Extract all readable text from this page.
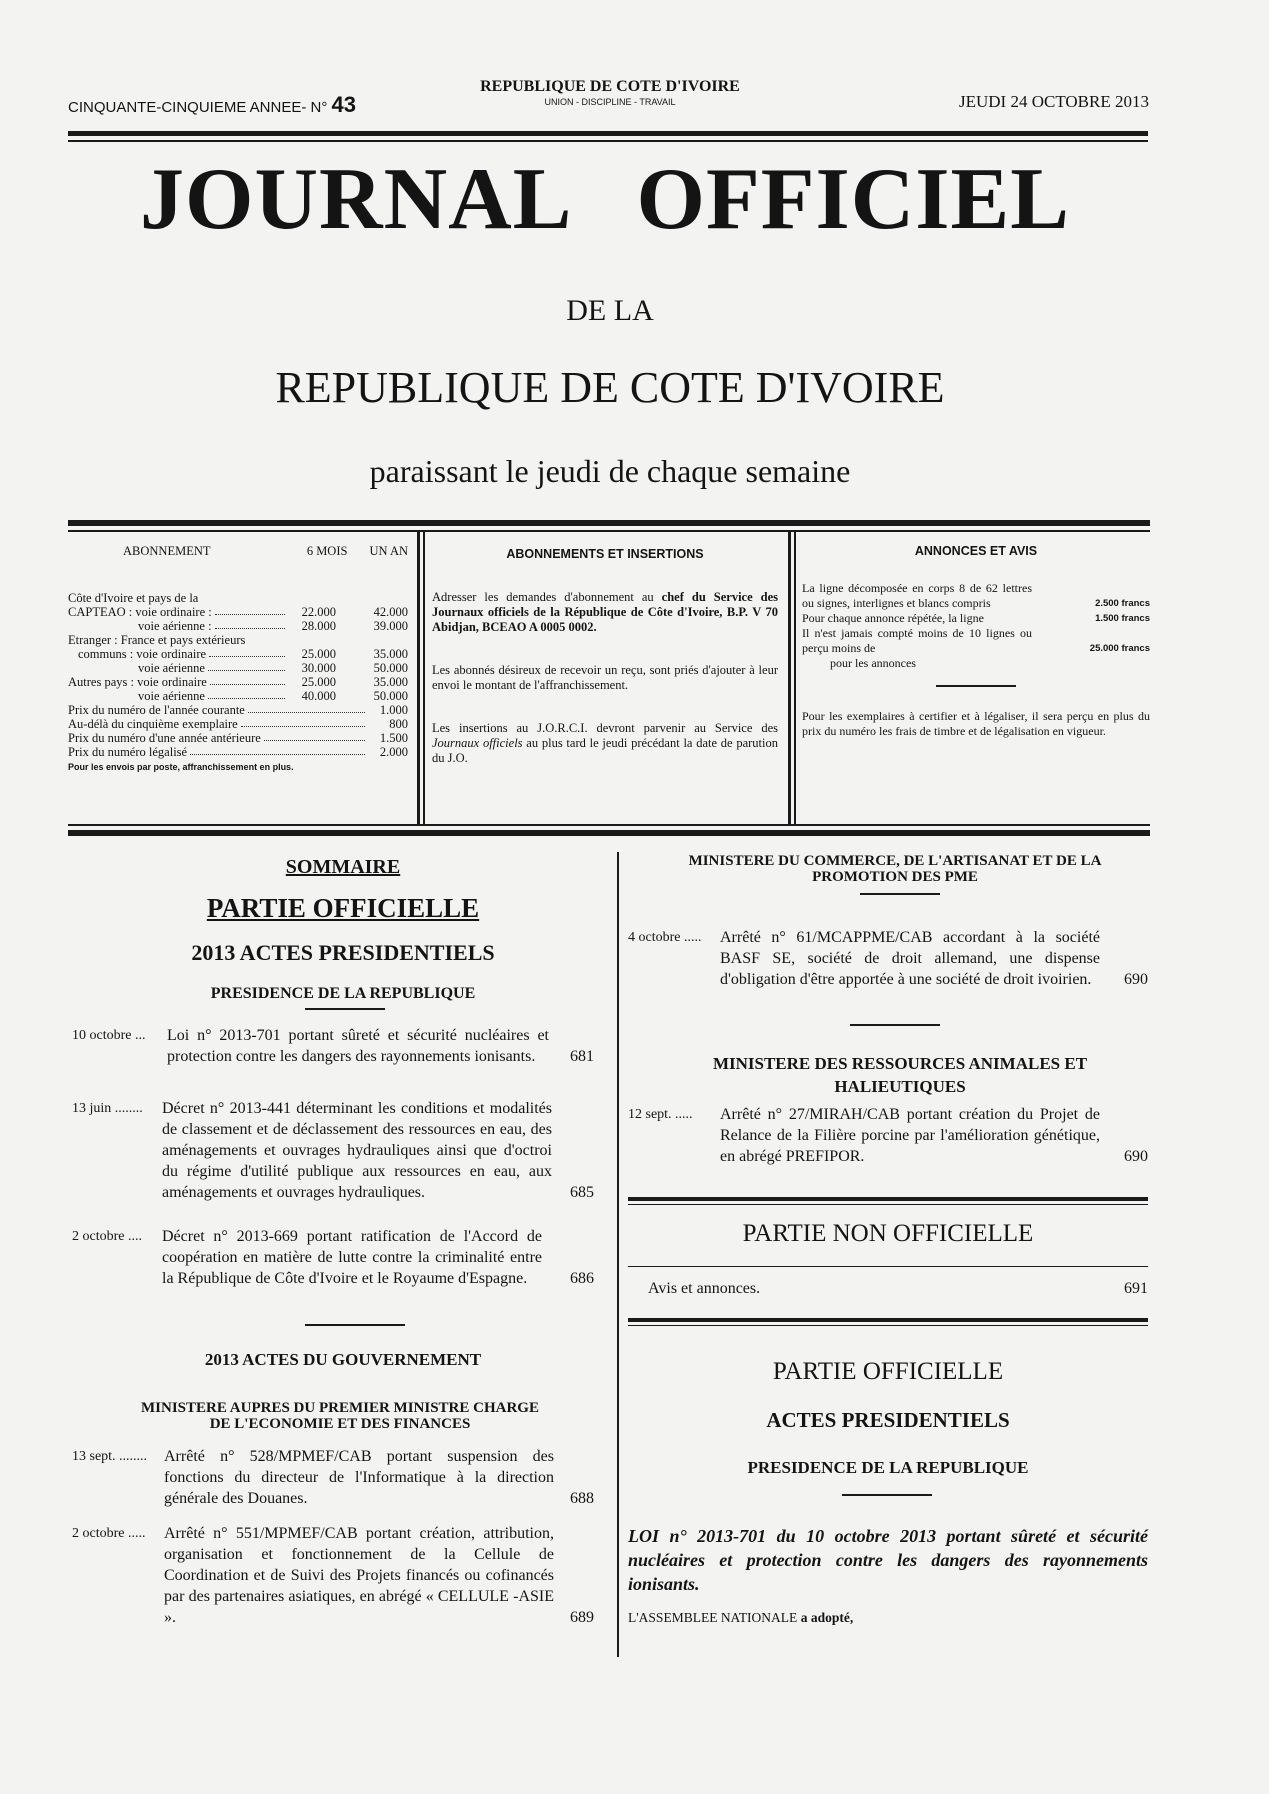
CINQUANTE-CINQUIEME ANNEE- N° 43
REPUBLIQUE DE COTE D'IVOIRE
UNION - DISCIPLINE - TRAVAIL	JEUDI 24 OCTOBRE 2013
JOURNAL   OFFICIEL
DE LA
REPUBLIQUE DE COTE D'IVOIRE
paraissant le jeudi de chaque semaine
ABONNEMENT	6 MOIS UN AN
Côte d'Ivoire et pays de la
CAPTEAO : voie ordinaire :	22.000	42.000
voie aérienne :	28.000	39.000
Etranger : France et pays extérieurs
communs : voie ordinaire	25.000	35.000
voie aérienne	30.000	50.000
Autres pays : voie ordinaire	25.000	35.000
voie aérienne	40.000	50.000
Prix du numéro de l'année courante	1.000
Au-délà du cinquième exemplaire	800
Prix du numéro d'une année antérieure	1.500
Prix du numéro légalisé	2.000
Pour les envois par poste, affranchissement en plus.
ABONNEMENTS ET INSERTIONS
Adresser les demandes d'abonnement au chef du Service des Journaux officiels de la République de Côte d'Ivoire, B.P. V 70 Abidjan, BCEAO A 0005 0002.
Les abonnés désireux de recevoir un reçu, sont priés d'ajouter à leur envoi le montant de l'affranchissement.
Les insertions au J.O.R.C.I. devront parvenir au Service des Journaux officiels au plus tard le jeudi précédant la date de parution du J.O.
ANNONCES ET AVIS
La ligne décomposée en corps 8 de 62 lettres ou signes, interlignes et blancs compris	2.500 francs
Pour chaque annonce répétée, la ligne	1.500 francs
Il n'est jamais compté moins de 10 lignes ou perçu moins de	25.000 francs
pour les annonces
Pour les exemplaires à certifier et à légaliser, il sera perçu en plus du prix du numéro les frais de timbre et de légalisation en vigueur.
SOMMAIRE
PARTIE OFFICIELLE
2013 ACTES PRESIDENTIELS
PRESIDENCE DE LA REPUBLIQUE
10 octobre ... Loi n° 2013-701 portant sûreté et sécurité nucléaires et protection contre les dangers des rayonnements ionisants.	681
13 juin ........ Décret n° 2013-441 déterminant les conditions et modalités de classement et de déclassement des ressources en eau, des aménagements et ouvrages hydrauliques ainsi que d'octroi du régime d'utilité publique aux ressources en eau, aux aménagements et ouvrages hydrauliques.	685
2 octobre .... Décret n° 2013-669 portant ratification de l'Accord de coopération en matière de lutte contre la criminalité entre la République de Côte d'Ivoire et le Royaume d'Espagne.	686
2013 ACTES DU GOUVERNEMENT
MINISTERE AUPRES DU PREMIER MINISTRE CHARGE DE L'ECONOMIE ET DES FINANCES
13 sept. ........ Arrêté n° 528/MPMEF/CAB portant suspension des fonctions du directeur de l'Informatique à la direction générale des Douanes.	688
2 octobre ..... Arrêté n° 551/MPMEF/CAB portant création, attribution, organisation et fonctionnement de la Cellule de Coordination et de Suivi des Projets financés ou cofinancés par des partenaires asiatiques, en abrégé « CELLULE -ASIE ».	689
MINISTERE DU COMMERCE, DE L'ARTISANAT ET DE LA PROMOTION DES PME
4 octobre ..... Arrêté n° 61/MCAPPME/CAB accordant à la société BASF SE, société de droit allemand, une dispense d'obligation d'être apportée à une société de droit ivoirien.	690
MINISTERE DES RESSOURCES ANIMALES ET HALIEUTIQUES
12 sept. ..... Arrêté n° 27/MIRAH/CAB portant création du Projet de Relance de la Filière porcine par l'amélioration génétique, en abrégé PREFIPOR.	690
PARTIE NON OFFICIELLE
Avis et annonces.	691
PARTIE OFFICIELLE
ACTES PRESIDENTIELS
PRESIDENCE DE LA REPUBLIQUE
LOI n° 2013-701 du 10 octobre 2013 portant sûreté et sécurité nucléaires et protection contre les dangers des rayonnements ionisants.
L'ASSEMBLEE NATIONALE a adopté,
